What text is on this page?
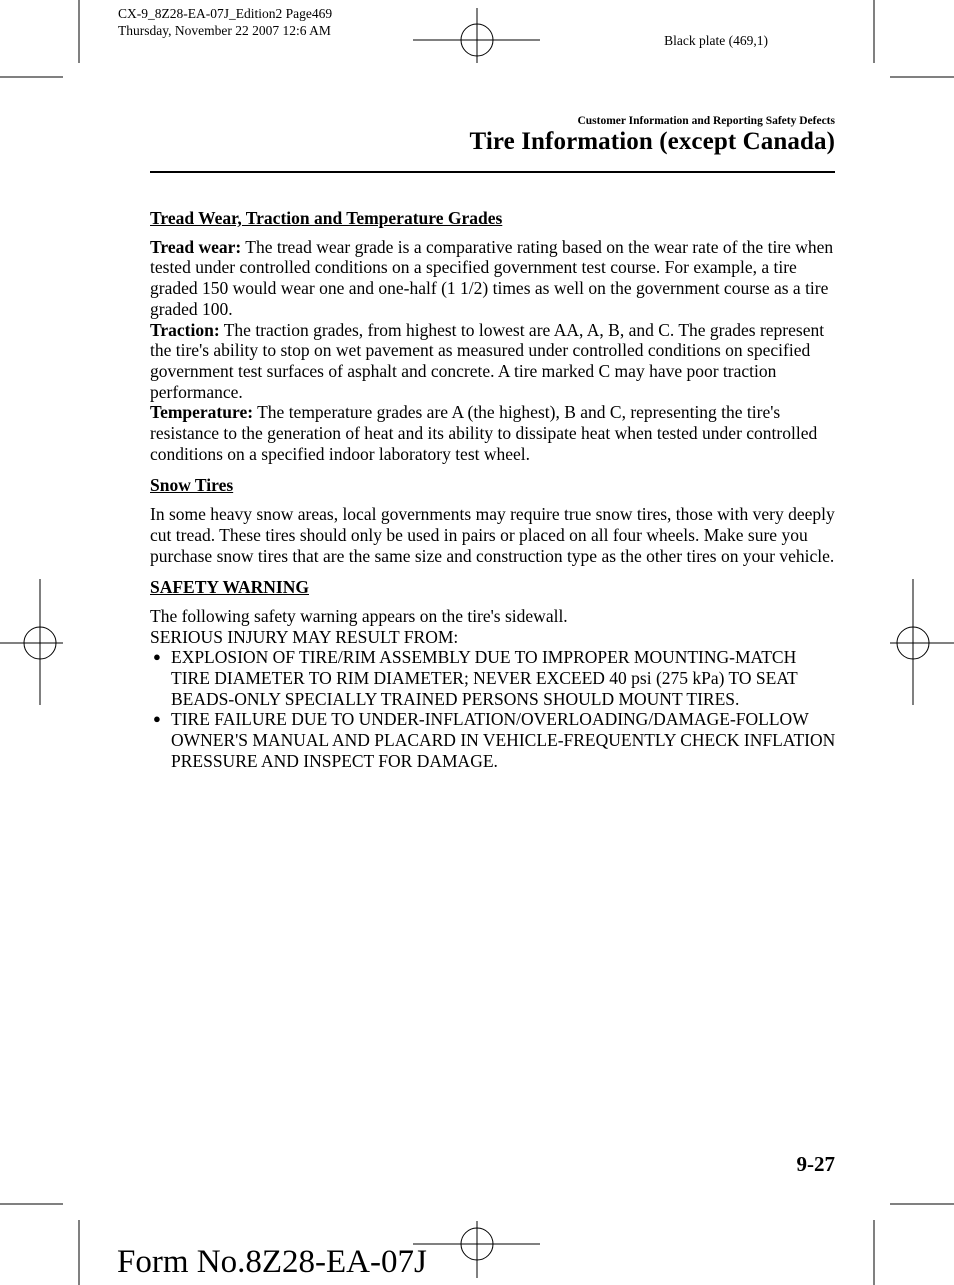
CX-9_8Z28-EA-07J_Edition2 Page469
Thursday, November 22 2007 12:6 AM
Black plate (469,1)
Customer Information and Reporting Safety Defects
Tire Information (except Canada)
Tread Wear, Traction and Temperature Grades

Tread wear: The tread wear grade is a comparative rating based on the wear rate of the tire when tested under controlled conditions on a specified government test course. For example, a tire graded 150 would wear one and one-half (1 1/2) times as well on the government course as a tire graded 100.

Traction: The traction grades, from highest to lowest are AA, A, B, and C. The grades represent the tire's ability to stop on wet pavement as measured under controlled conditions on specified government test surfaces of asphalt and concrete. A tire marked C may have poor traction performance.

Temperature: The temperature grades are A (the highest), B and C, representing the tire's resistance to the generation of heat and its ability to dissipate heat when tested under controlled conditions on a specified indoor laboratory test wheel.

Snow Tires

In some heavy snow areas, local governments may require true snow tires, those with very deeply cut tread. These tires should only be used in pairs or placed on all four wheels. Make sure you purchase snow tires that are the same size and construction type as the other tires on your vehicle.

SAFETY WARNING

The following safety warning appears on the tire's sidewall.

SERIOUS INJURY MAY RESULT FROM:

● EXPLOSION OF TIRE/RIM ASSEMBLY DUE TO IMPROPER MOUNTING-MATCH TIRE DIAMETER TO RIM DIAMETER; NEVER EXCEED 40 psi (275 kPa) TO SEAT BEADS-ONLY SPECIALLY TRAINED PERSONS SHOULD MOUNT TIRES.
● TIRE FAILURE DUE TO UNDER-INFLATION/OVERLOADING/DAMAGE-FOLLOW OWNER'S MANUAL AND PLACARD IN VEHICLE-FREQUENTLY CHECK INFLATION PRESSURE AND INSPECT FOR DAMAGE.
9-27
Form No.8Z28-EA-07J
